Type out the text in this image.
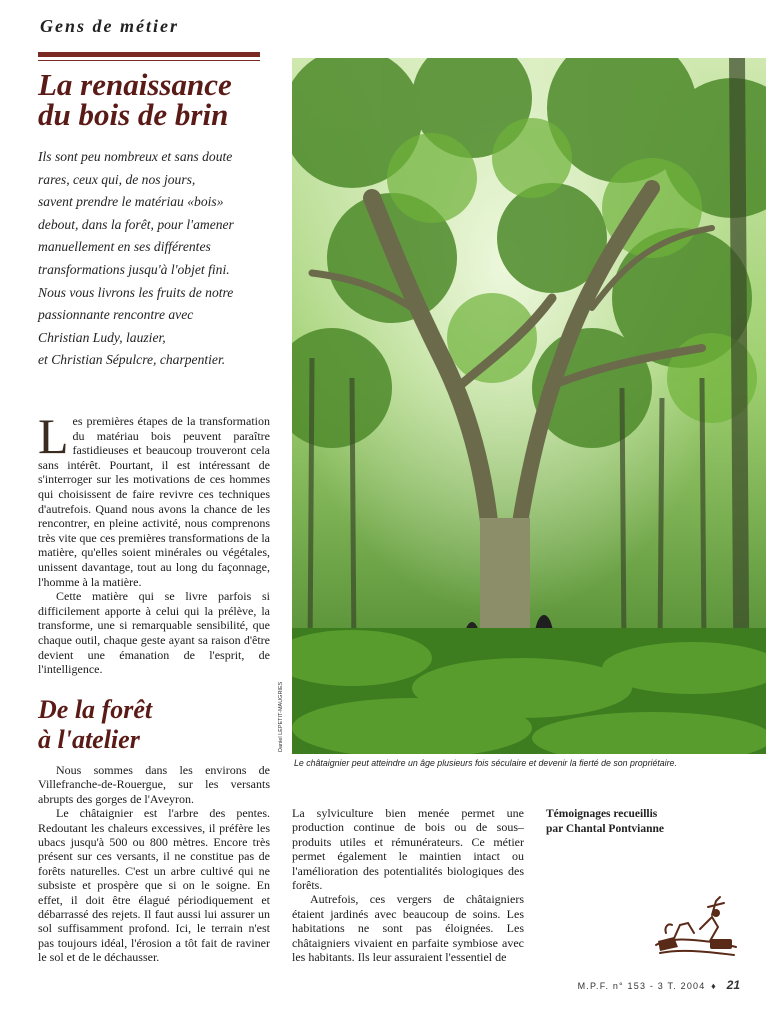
Gens de métier
La renaissance
du bois de brin
Ils sont peu nombreux et sans doute
rares, ceux qui, de nos jours,
savent prendre le matériau «bois»
debout, dans la forêt, pour l'amener
manuellement en ses différentes
transformations jusqu'à l'objet fini.
Nous vous livrons les fruits de notre
passionnante rencontre avec
Christian Ludy, lauzier,
et Christian Sépulcre, charpentier.

Les premières étapes de la transformation du matériau bois peuvent paraître fastidieuses et beaucoup trouveront cela sans intérêt. Pourtant, il est intéressant de s'interroger sur les motivations de ces hommes qui choisissent de faire revivre ces techniques d'autrefois. Quand nous avons la chance de les rencontrer, en pleine activité, nous comprenons très vite que ces premières transformations de la matière, qu'elles soient minérales ou végétales, unissent davantage, tout au long du façonnage, l'homme à la matière.

Cette matière qui se livre parfois si difficilement apporte à celui qui la prélève, la transforme, une si remarquable sensibilité, que chaque outil, chaque geste ayant sa raison d'être devient une émanation de l'esprit, de l'intelligence.

De la forêt
à l'atelier

Nous sommes dans les environs de Villefranche-de-Rouergue, sur les versants abrupts des gorges de l'Aveyron.

Le châtaignier est l'arbre des pentes. Redoutant les chaleurs excessives, il préfère les ubacs jusqu'à 500 ou 800 mètres. Encore très présent sur ces versants, il ne constitue pas de forêts naturelles. C'est un arbre cultivé qui ne subsiste et prospère que si on le soigne. En effet, il doit être élagué périodiquement et débarrassé des rejets. Il faut aussi lui assurer un sol suffisamment profond. Ici, le terrain n'est pas toujours idéal, l'érosion a tôt fait de raviner le sol et de le déchausser.

Daniel LEPETIT-MAUGRIES

Le châtaignier peut atteindre un âge plusieurs fois séculaire et devenir la fierté de son propriétaire.

La sylviculture bien menée permet une production continue de bois ou de sous–produits utiles et rémunérateurs. Ce métier permet également le maintien intact ou l'amélioration des potentialités biologiques des forêts.

Autrefois, ces vergers de châtaigniers étaient jardinés avec beaucoup de soins. Les habitations ne sont pas éloignées. Les châtaigniers vivaient en parfaite symbiose avec les habitants. Ils leur assuraient l'essentiel de

Témoignages recueillis
par Chantal Pontvianne
M.P.F. n° 153 - 3 T. 2004 ♦ 21
